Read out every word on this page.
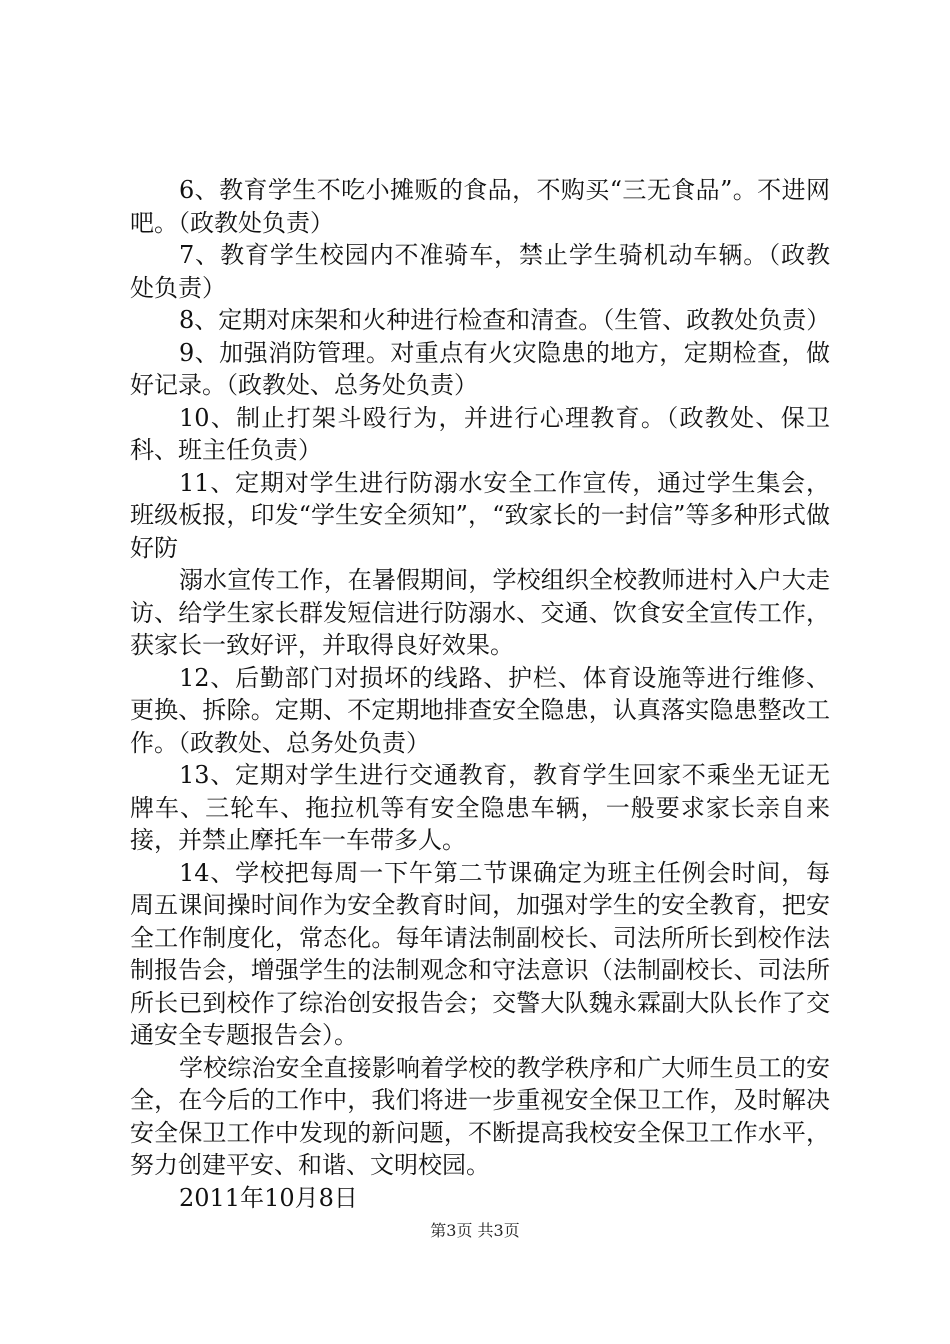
6、教育学生不吃小摊贩的食品，不购买“三无食品”。不进网吧。（政教处负责）

7、教育学生校园内不准骑车，禁止学生骑机动车辆。（政教处负责）

8、定期对床架和火种进行检查和清查。（生管、政教处负责）

9、加强消防管理。对重点有火灾隐患的地方，定期检查，做好记录。（政教处、总务处负责）

10、制止打架斗殴行为，并进行心理教育。（政教处、保卫科、班主任负责）

11、定期对学生进行防溺水安全工作宣传，通过学生集会，班级板报，印发“学生安全须知”，“致家长的一封信”等多种形式做好防

溺水宣传工作，在暑假期间，学校组织全校教师进村入户大走访、给学生家长群发短信进行防溺水、交通、饮食安全宣传工作，获家长一致好评，并取得良好效果。

12、后勤部门对损坏的线路、护栏、体育设施等进行维修、更换、拆除。定期、不定期地排查安全隐患，认真落实隐患整改工作。（政教处、总务处负责）

13、定期对学生进行交通教育，教育学生回家不乘坐无证无牌车、三轮车、拖拉机等有安全隐患车辆，一般要求家长亲自来接，并禁止摩托车一车带多人。

14、学校把每周一下午第二节课确定为班主任例会时间，每周五课间操时间作为安全教育时间，加强对学生的安全教育，把安全工作制度化，常态化。每年请法制副校长、司法所所长到校作法制报告会，增强学生的法制观念和守法意识（法制副校长、司法所所长已到校作了综治创安报告会；交警大队魏永霖副大队长作了交通安全专题报告会）。

学校综治安全直接影响着学校的教学秩序和广大师生员工的安全，在今后的工作中，我们将进一步重视安全保卫工作，及时解决安全保卫工作中发现的新问题，不断提高我校安全保卫工作水平，努力创建平安、和谐、文明校园。

2011年10月8日

第3页 共3页
